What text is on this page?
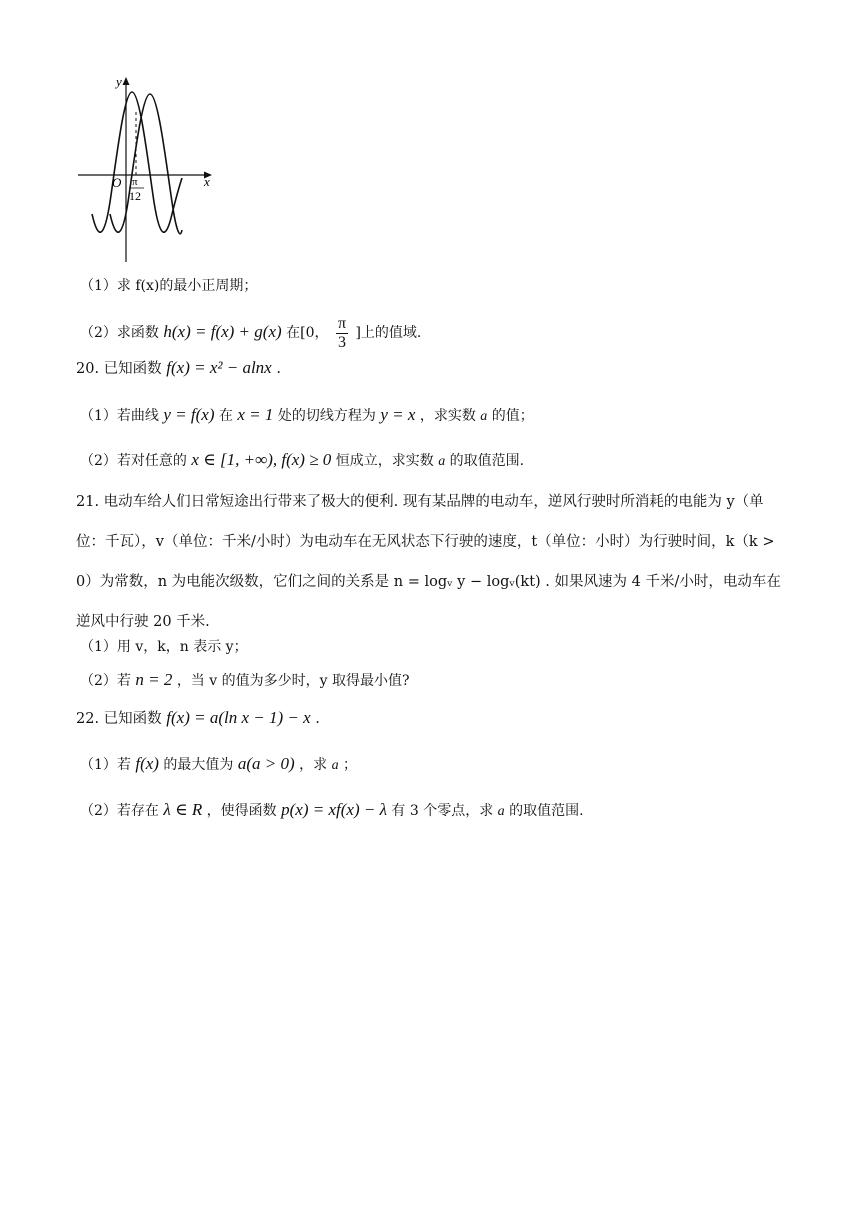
y
x
O π
12
（1）求 f(x)的最小正周期；
（2）求函数 h(x) = f(x) + g(x) 在[0， $\frac{\pi}{3}$ ]上的值域.
20. 已知函数 f(x) = x² − alnx .
（1）若曲线 y = f(x) 在 x = 1 处的切线方程为 y = x ，求实数 a 的值；
（2）若对任意的 x ∈ [1, +∞), f(x) ≥ 0 恒成立，求实数 a 的取值范围.
21. 电动车给人们日常短途出行带来了极大的便利. 现有某品牌的电动车，逆风行驶时所消耗的电能为 y（单位：千瓦），v（单位：千米/小时）为电动车在无风状态下行驶的速度，t（单位：小时）为行驶时间，k（k > 0）为常数，n 为电能次级数，它们之间的关系是 n = logᵥ y − logᵥ(kt) . 如果风速为 4 千米/小时，电动车在逆风中行驶 20 千米.
（1）用 v，k，n 表示 y；
（2）若 n = 2 ，当 v 的值为多少时，y 取得最小值?
22. 已知函数 f(x) = a(ln x − 1) − x .
（1）若 f(x) 的最大值为 a(a > 0) ，求 a ；
（2）若存在 λ ∈ R ，使得函数 p(x) = xf(x) − λ 有 3 个零点，求 a 的取值范围.
